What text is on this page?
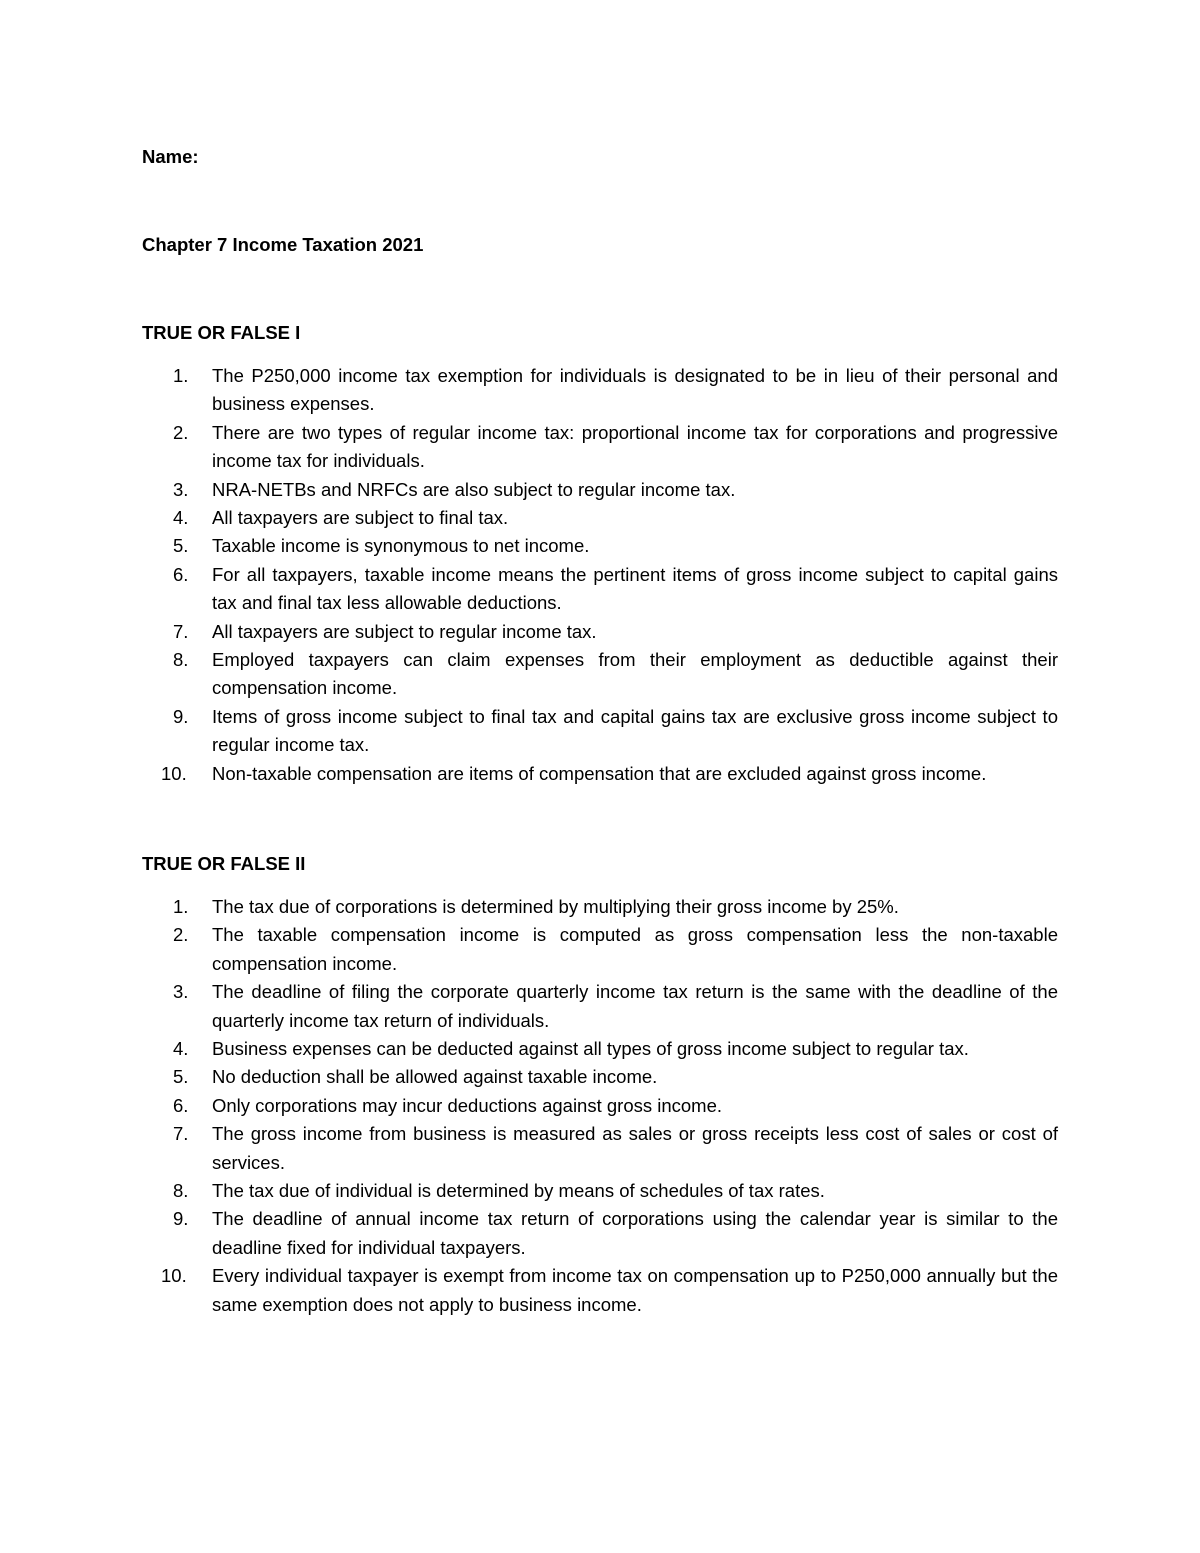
Name:
Chapter 7 Income Taxation 2021
TRUE OR FALSE I
1.	The P250,000 income tax exemption for individuals is designated to be in lieu of their personal and business expenses.
2.	There are two types of regular income tax: proportional income tax for corporations and progressive income tax for individuals.
3.	NRA-NETBs and NRFCs are also subject to regular income tax.
4.	All taxpayers are subject to final tax.
5.	Taxable income is synonymous to net income.
6.	For all taxpayers, taxable income means the pertinent items of gross income subject to capital gains tax and final tax less allowable deductions.
7.	All taxpayers are subject to regular income tax.
8.	Employed taxpayers can claim expenses from their employment as deductible against their compensation income.
9.	Items of gross income subject to final tax and capital gains tax are exclusive gross income subject to regular income tax.
10.	Non-taxable compensation are items of compensation that are excluded against gross income.
TRUE OR FALSE II
1.	The tax due of corporations is determined by multiplying their gross income by 25%.
2.	The taxable compensation income is computed as gross compensation less the non-taxable compensation income.
3.	The deadline of filing the corporate quarterly income tax return is the same with the deadline of the quarterly income tax return of individuals.
4.	Business expenses can be deducted against all types of gross income subject to regular tax.
5.	No deduction shall be allowed against taxable income.
6.	Only corporations may incur deductions against gross income.
7.	The gross income from business is measured as sales or gross receipts less cost of sales or cost of services.
8.	The tax due of individual is determined by means of schedules of tax rates.
9.	The deadline of annual income tax return of corporations using the calendar year is similar to the deadline fixed for individual taxpayers.
10.	Every individual taxpayer is exempt from income tax on compensation up to P250,000 annually but the same exemption does not apply to business income.
